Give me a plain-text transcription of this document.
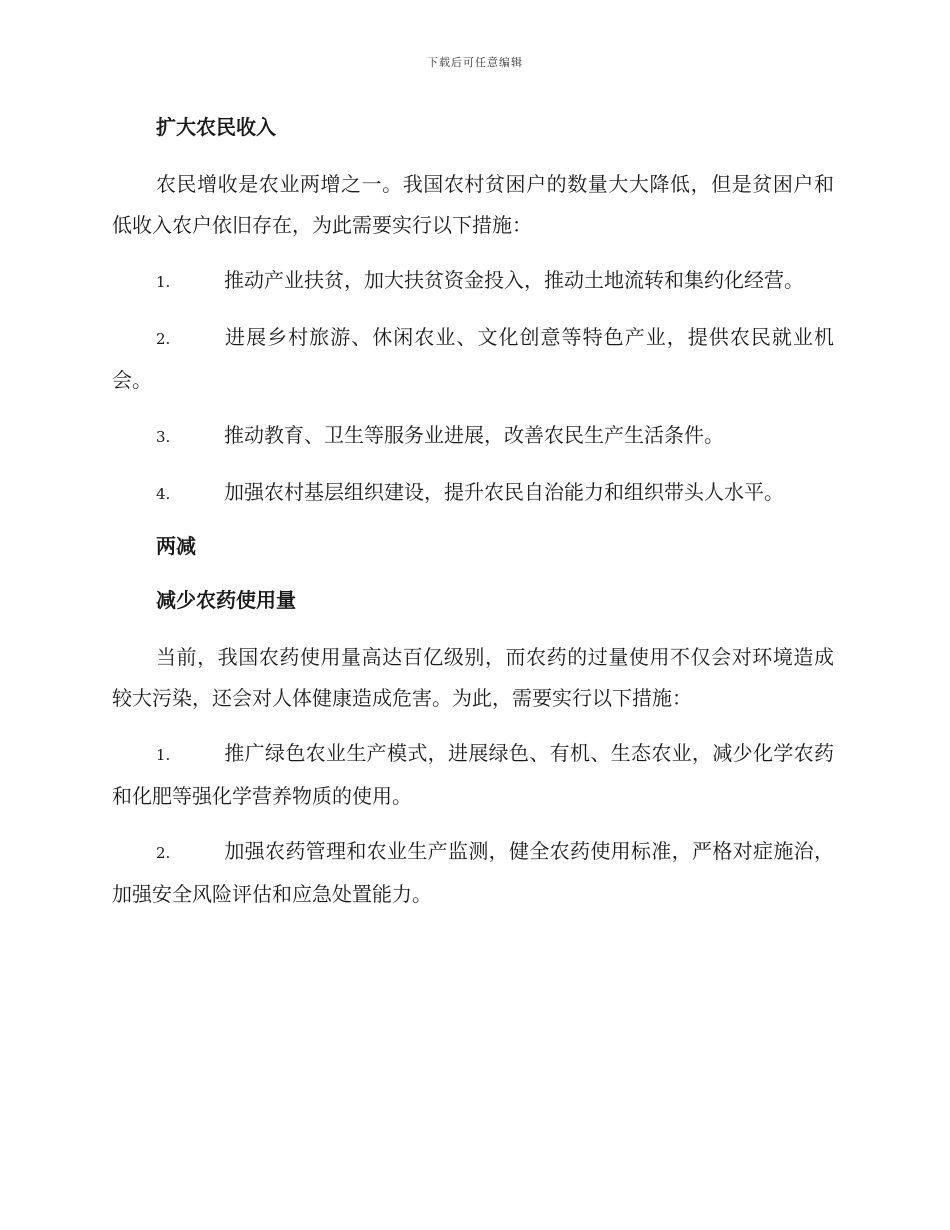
下载后可任意编辑
扩大农民收入
农民增收是农业两增之一。我国农村贫困户的数量大大降低，但是贫困户和低收入农户依旧存在，为此需要实行以下措施：
1.	推动产业扶贫，加大扶贫资金投入，推动土地流转和集约化经营。
2.	进展乡村旅游、休闲农业、文化创意等特色产业，提供农民就业机会。
3.	推动教育、卫生等服务业进展，改善农民生产生活条件。
4.	加强农村基层组织建设，提升农民自治能力和组织带头人水平。
两减
减少农药使用量
当前，我国农药使用量高达百亿级别，而农药的过量使用不仅会对环境造成较大污染，还会对人体健康造成危害。为此，需要实行以下措施：
1.	推广绿色农业生产模式，进展绿色、有机、生态农业，减少化学农药和化肥等强化学营养物质的使用。
2.	加强农药管理和农业生产监测，健全农药使用标准，严格对症施治，加强安全风险评估和应急处置能力。
